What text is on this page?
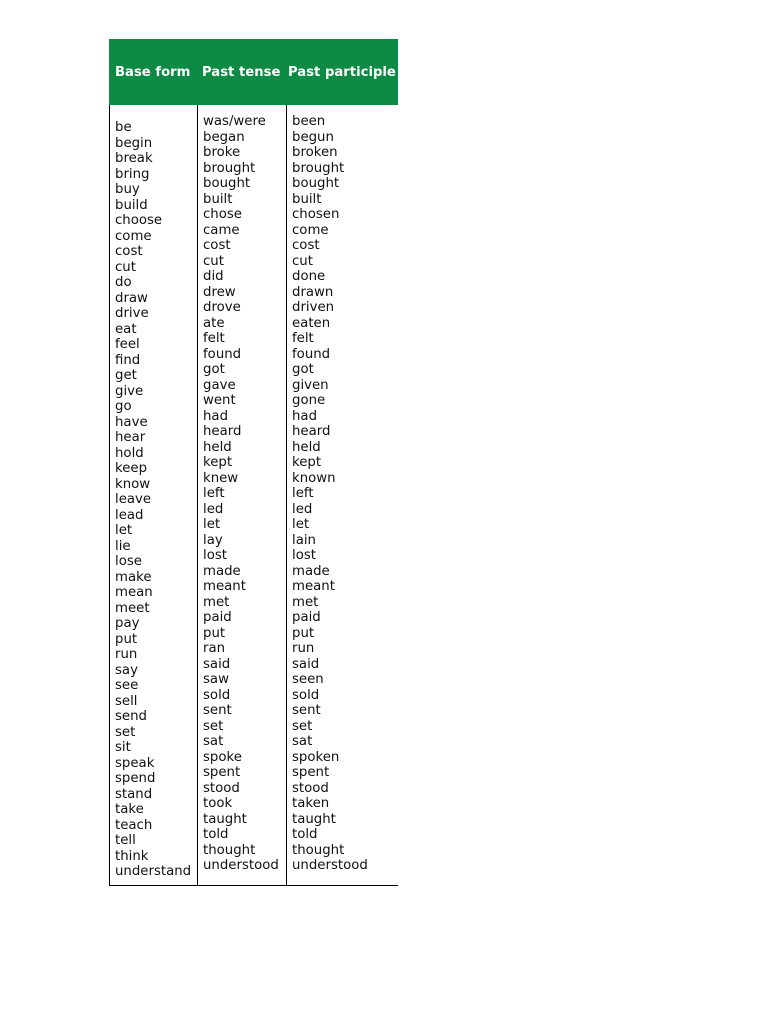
Base form Past tense Past participle
be
begin
break
bring
buy
build
choose
come
cost
cut
do
draw
drive
eat
feel
find
get
give
go
have
hear
hold
keep
know
leave
lead
let
lie
lose
make
mean
meet
pay
put
run
say
see
sell
send
set
sit
speak
spend
stand
take
teach
tell
think
understand
was/were
began
broke
brought
bought
built
chose
came
cost
cut
did
drew
drove
ate
felt
found
got
gave
went
had
heard
held
kept
knew
left
led
let
lay
lost
made
meant
met
paid
put
ran
said
saw
sold
sent
set
sat
spoke
spent
stood
took
taught
told
thought
understood
been
begun
broken
brought
bought
built
chosen
come
cost
cut
done
drawn
driven
eaten
felt
found
got
given
gone
had
heard
held
kept
known
left
led
let
lain
lost
made
meant
met
paid
put
run
said
seen
sold
sent
set
sat
spoken
spent
stood
taken
taught
told
thought
understood
